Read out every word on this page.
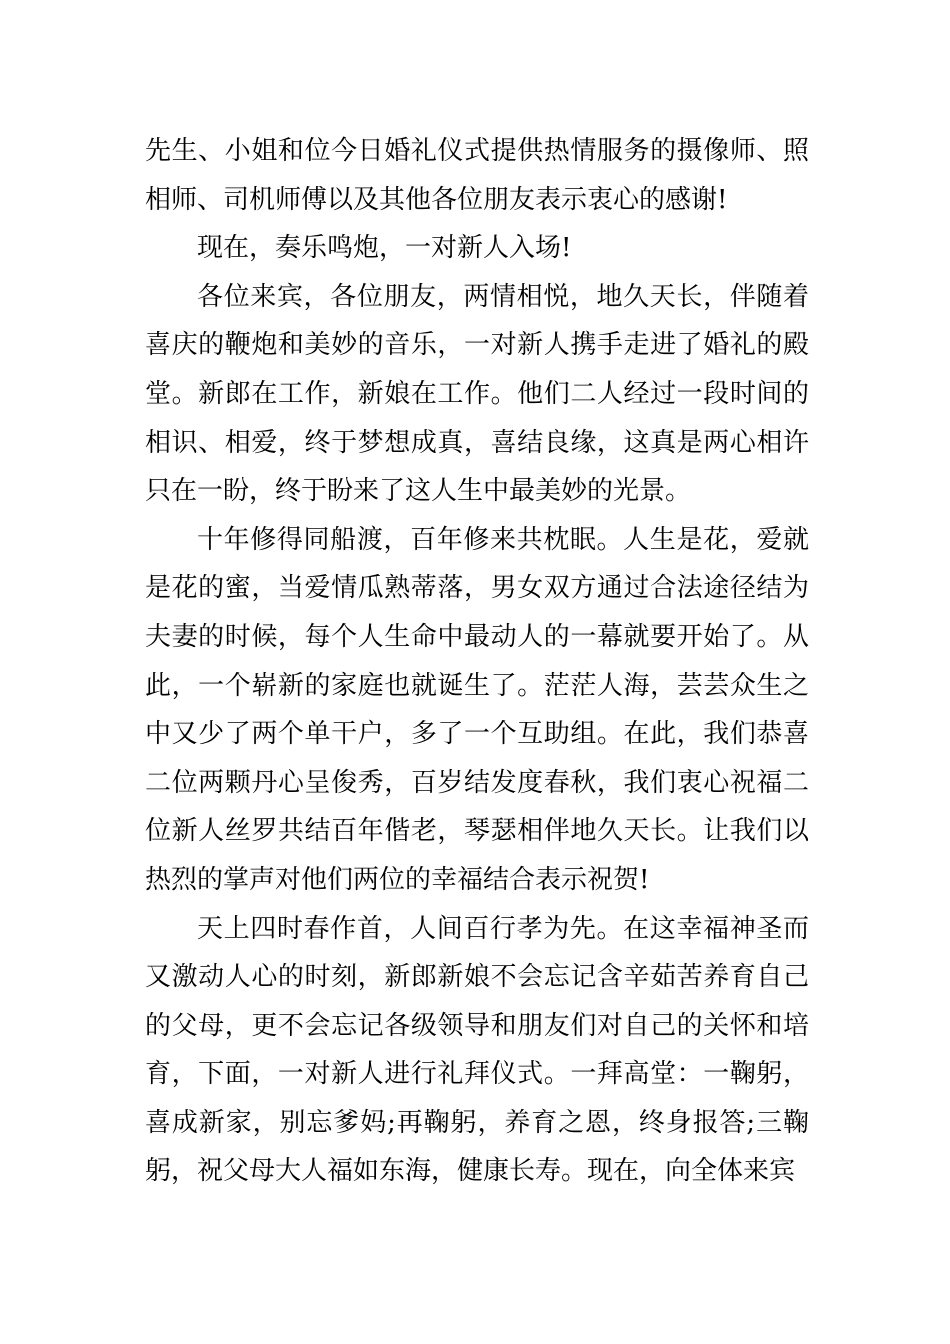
先生、小姐和位今日婚礼仪式提供热情服务的摄像师、照相师、司机师傅以及其他各位朋友表示衷心的感谢!

现在，奏乐鸣炮，一对新人入场!

各位来宾，各位朋友，两情相悦，地久天长，伴随着喜庆的鞭炮和美妙的音乐，一对新人携手走进了婚礼的殿堂。新郎在工作，新娘在工作。他们二人经过一段时间的相识、相爱，终于梦想成真，喜结良缘，这真是两心相许只在一盼，终于盼来了这人生中最美妙的光景。

十年修得同船渡，百年修来共枕眠。人生是花，爱就是花的蜜，当爱情瓜熟蒂落，男女双方通过合法途径结为夫妻的时候，每个人生命中最动人的一幕就要开始了。从此，一个崭新的家庭也就诞生了。茫茫人海，芸芸众生之中又少了两个单干户，多了一个互助组。在此，我们恭喜二位两颗丹心呈俊秀，百岁结发度春秋，我们衷心祝福二位新人丝罗共结百年偕老，琴瑟相伴地久天长。让我们以热烈的掌声对他们两位的幸福结合表示祝贺!

天上四时春作首，人间百行孝为先。在这幸福神圣而又激动人心的时刻，新郎新娘不会忘记含辛茹苦养育自己的父母，更不会忘记各级领导和朋友们对自己的关怀和培育，下面，一对新人进行礼拜仪式。一拜高堂：一鞠躬，喜成新家，别忘爹妈;再鞠躬，养育之恩，终身报答;三鞠躬，祝父母大人福如东海，健康长寿。现在，向全体来宾
